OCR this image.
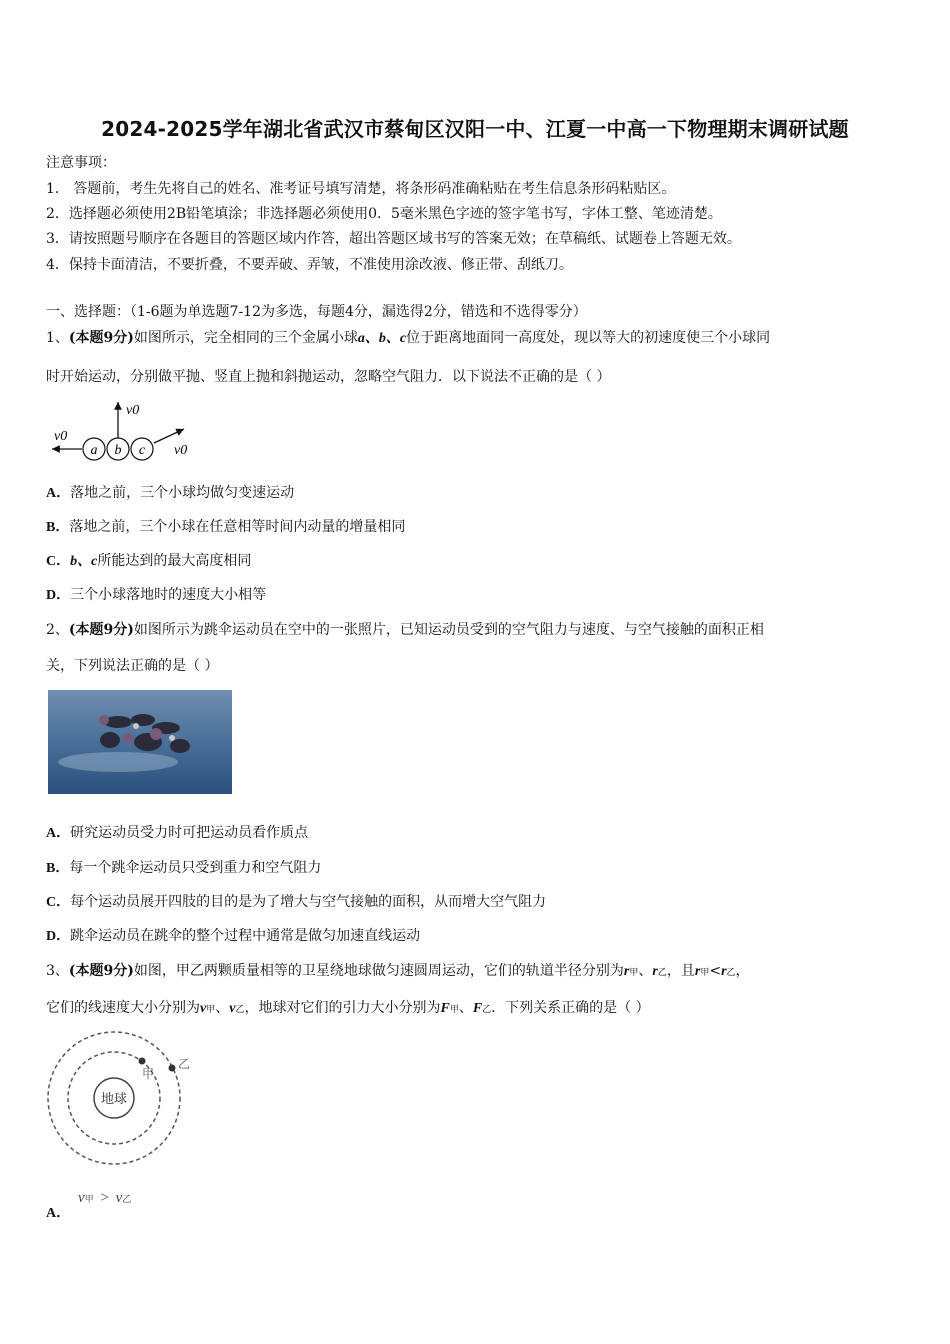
2024-2025学年湖北省武汉市蔡甸区汉阳一中、江夏一中高一下物理期末调研试题
注意事项：
1． 答题前，考生先将自己的姓名、准考证号填写清楚，将条形码准确粘贴在考生信息条形码粘贴区。
2．选择题必须使用2B铅笔填涂；非选择题必须使用0．5毫米黑色字迹的签字笔书写，字体工整、笔迹清楚。
3．请按照题号顺序在各题目的答题区域内作答，超出答题区域书写的答案无效；在草稿纸、试题卷上答题无效。
4．保持卡面清洁，不要折叠，不要弄破、弄皱，不准使用涂改液、修正带、刮纸刀。
一、选择题：（1-6题为单选题7-12为多选，每题4分，漏选得2分，错选和不选得零分）
1、(本题9分)如图所示，完全相同的三个金属小球a、b、c位于距离地面同一高度处，现以等大的初速度使三个小球同
时开始运动，分别做平抛、竖直上抛和斜抛运动，忽略空气阻力．以下说法不正确的是（ ）
a b c
v0
v0
v0
A．落地之前，三个小球均做匀变速运动
B．落地之前，三个小球在任意相等时间内动量的增量相同
C．b、c所能达到的最大高度相同
D．三个小球落地时的速度大小相等
2、(本题9分)如图所示为跳伞运动员在空中的一张照片，已知运动员受到的空气阻力与速度、与空气接触的面积正相
关，下列说法正确的是（ ）
A．研究运动员受力时可把运动员看作质点
B．每一个跳伞运动员只受到重力和空气阻力
C．每个运动员展开四肢的目的是为了增大与空气接触的面积，从而增大空气阻力
D．跳伞运动员在跳伞的整个过程中通常是做匀加速直线运动
3、(本题9分)如图，甲乙两颗质量相等的卫星绕地球做匀速圆周运动，它们的轨道半径分别为r甲、r乙，且r甲<r乙，
它们的线速度大小分别为v甲、v乙，地球对它们的引力大小分别为F甲、F乙．下列关系正确的是（ ）
地球
甲
乙
A．
v甲 > v乙
